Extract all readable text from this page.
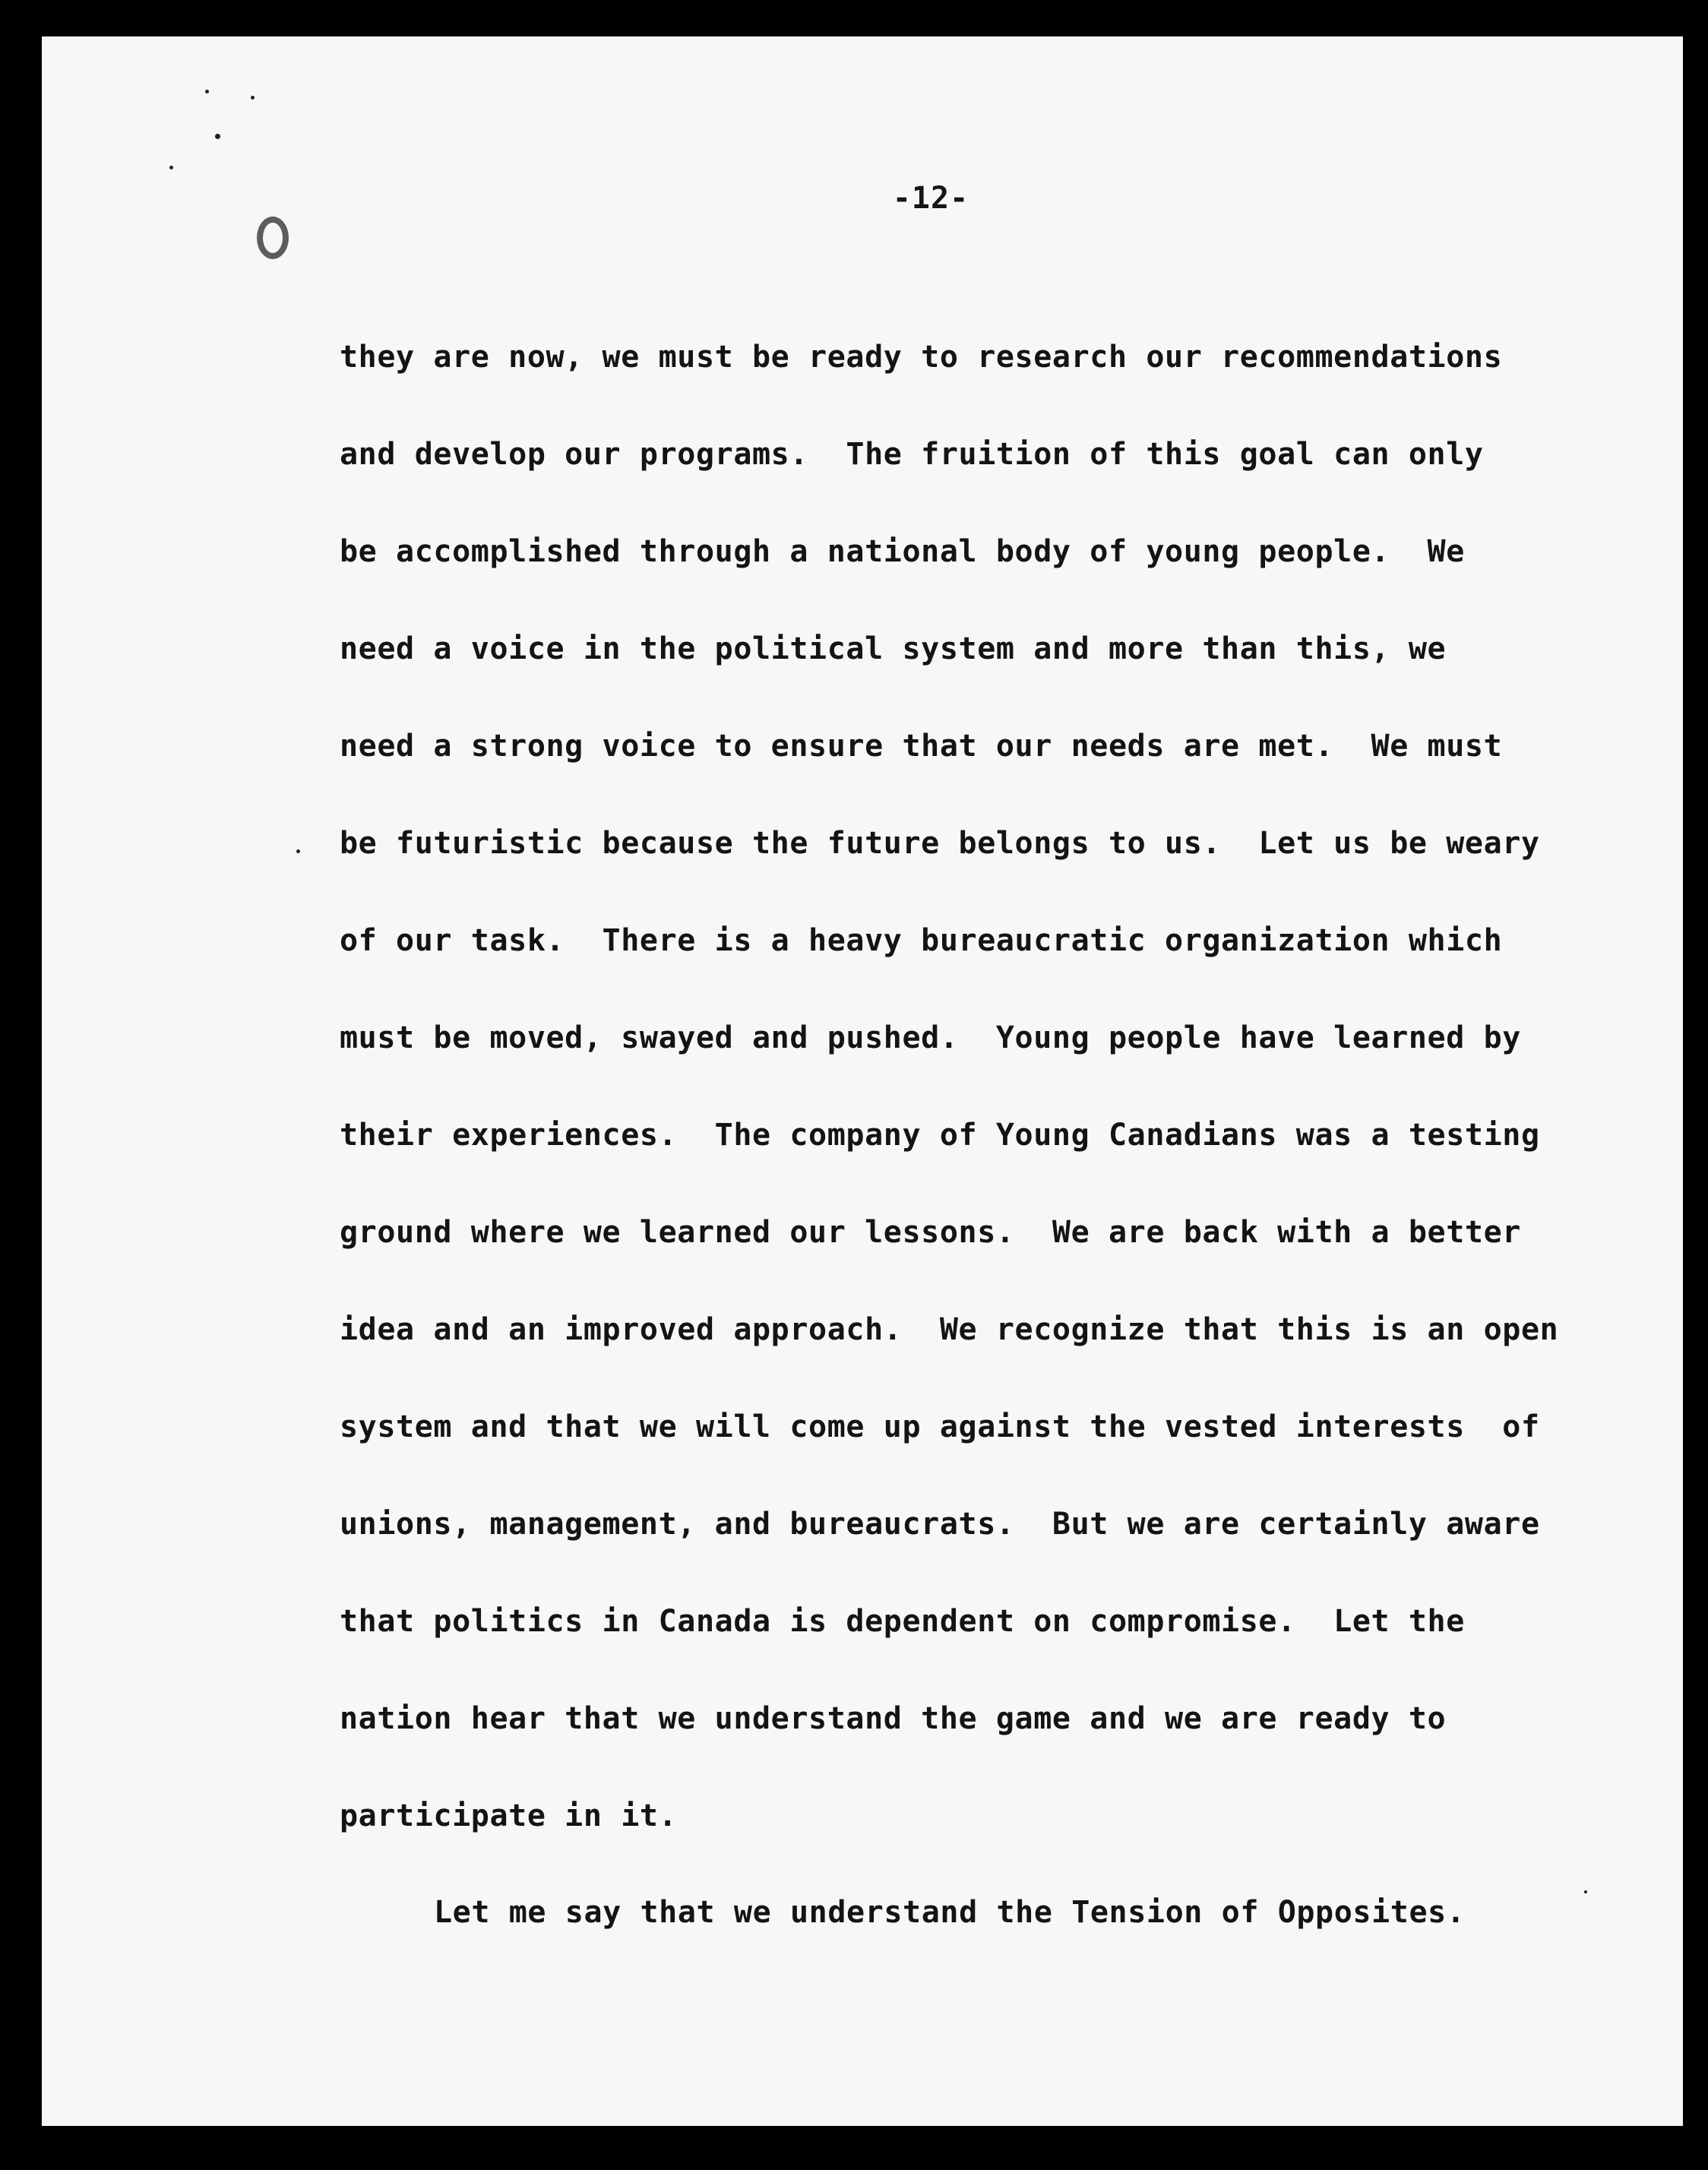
-12-
they are now, we must be ready to research our recommendations
and develop our programs.  The fruition of this goal can only
be accomplished through a national body of young people.  We
need a voice in the political system and more than this, we
need a strong voice to ensure that our needs are met.  We must
be futuristic because the future belongs to us.  Let us be weary
of our task.  There is a heavy bureaucratic organization which
must be moved, swayed and pushed.  Young people have learned by
their experiences.  The company of Young Canadians was a testing
ground where we learned our lessons.  We are back with a better
idea and an improved approach.  We recognize that this is an open
system and that we will come up against the vested interests  of
unions, management, and bureaucrats.  But we are certainly aware
that politics in Canada is dependent on compromise.  Let the
nation hear that we understand the game and we are ready to
participate in it.
Let me say that we understand the Tension of Opposites.
